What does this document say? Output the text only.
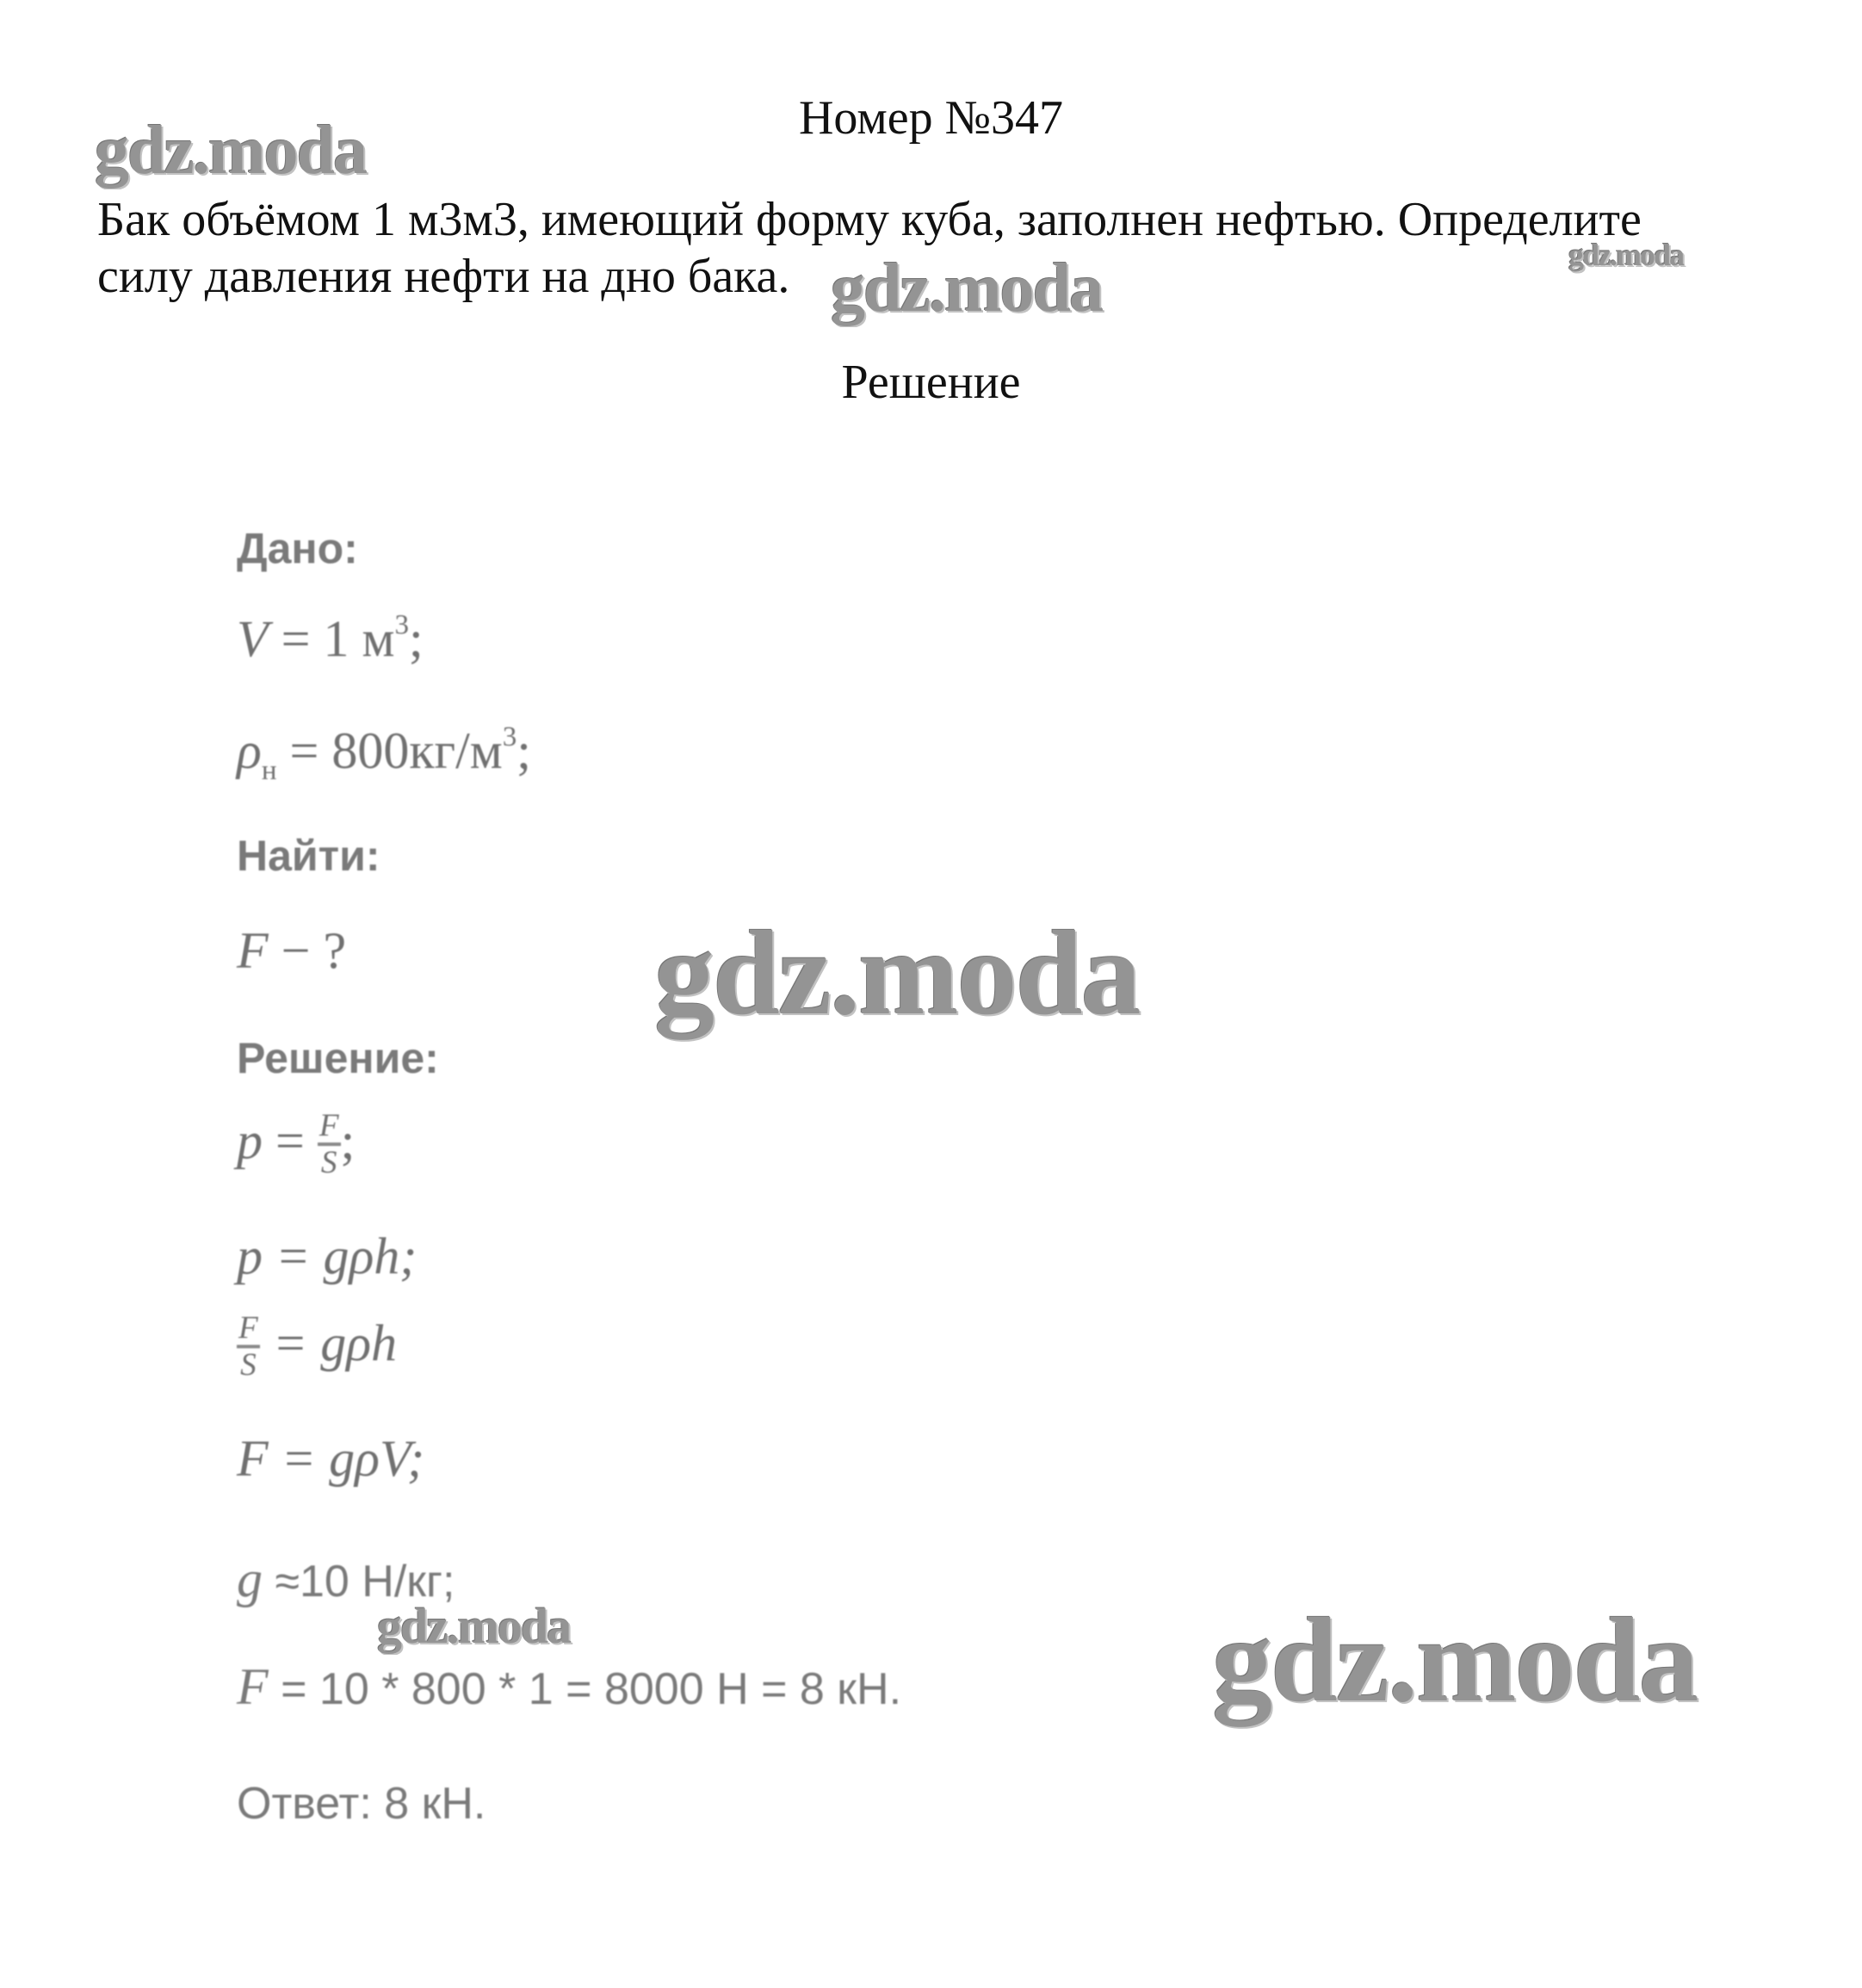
Номер №347
Бак объёмом 1 м3м3, имеющий форму куба, заполнен нефтью. Определите
силу давления нефти на дно бака.
Решение
Дано:
V = 1 $м^3$;
$\rho_н = 800кг/м^3$;
Найти:
F − ?
Решение:
$p = \frac{F}{S}$ ;
p = gρh;
$\frac{F}{S} = g\rho h$
F = gρV;
g ≈10 Н/кг;
F = 10 * 800 * 1 = 8000 Н = 8 кН.
Ответ: 8 кН.
gdz.moda
gdz.moda	gdz.moda
gdz.moda
gdz.moda	gdz.moda
